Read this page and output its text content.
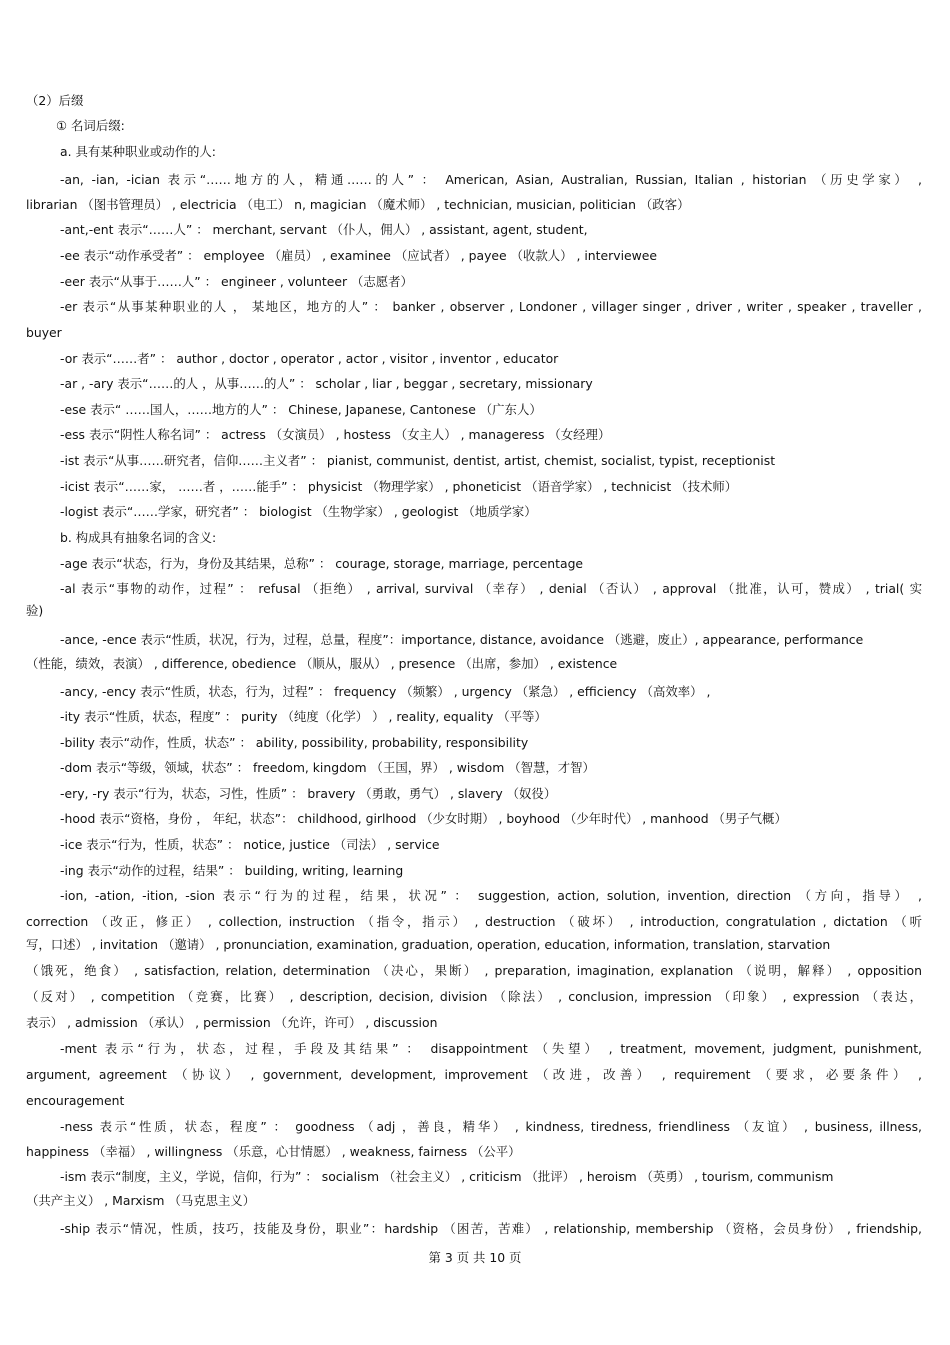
（2）后缀
① 名词后缀:
a. 具有某种职业或动作的人:
-an, -ian, -ician 表示“……地方的人，精通……的人” ： American, Asian, Australian, Russian, Italian , historian （历史学家） ,
librarian （图书管理员） , electricia （电工） n, magician （魔术师） , technician, musician, politician （政客）
-ant,-ent 表示“……人” ： merchant, servant （仆人，佣人） , assistant, agent, student,
-ee 表示“动作承受者” ： employee （雇员） , examinee （应试者） , payee （收款人） , interviewee
-eer 表示“从事于……人” ： engineer , volunteer （志愿者）
-er 表示“从事某种职业的人 ， 某地区，地方的人” ： banker , observer , Londoner , villager singer , driver , writer , speaker , traveller ,
buyer
-or 表示“……者” ： author , doctor , operator , actor , visitor , inventor , educator
-ar , -ary 表示“……的人 ，从事……的人” ： scholar , liar , beggar , secretary, missionary
-ese 表示“ ……国人，……地方的人” ： Chinese, Japanese, Cantonese （广东人）
-ess 表示“阴性人称名词” ： actress （女演员） , hostess （女主人） , manageress （女经理）
-ist 表示“从事……研究者，信仰……主义者” ： pianist, communist, dentist, artist, chemist, socialist, typist, receptionist
-icist 表示“……家， ……者 ，……能手” ： physicist （物理学家） , phoneticist （语音学家） , technicist （技术师）
-logist 表示“……学家，研究者” ： biologist （生物学家） , geologist （地质学家）
b. 构成具有抽象名词的含义:
-age 表示“状态，行为，身份及其结果，总称” ： courage, storage, marriage, percentage
-al 表示“事物的动作，过程” ： refusal （拒绝） , arrival, survival （幸存） , denial （否认） , approval （批准，认可，赞成） , trial( 实
验)
-ance, -ence 表示“性质，状况，行为，过程，总量，程度”：importance, distance, avoidance （逃避，废止）, appearance, performance
（性能，绩效，表演） , difference, obedience （顺从，服从） , presence （出席，参加） , existence
-ancy, -ency 表示“性质，状态，行为，过程” ： frequency （频繁） , urgency （紧急） , efficiency （高效率） ,
-ity 表示“性质，状态，程度” ： purity （纯度（化学） ） , reality, equality （平等）
-bility 表示“动作，性质，状态” ： ability, possibility, probability, responsibility
-dom 表示“等级，领域，状态” ： freedom, kingdom （王国，界） , wisdom （智慧，才智）
-ery, -ry 表示“行为，状态，习性，性质” ： bravery （勇敢，勇气） , slavery （奴役）
-hood 表示“资格，身份 ， 年纪，状态”： childhood, girlhood （少女时期） , boyhood （少年时代） , manhood （男子气概）
-ice 表示“行为，性质，状态” ： notice, justice （司法） , service
-ing 表示“动作的过程，结果” ： building, writing, learning
-ion, -ation, -ition, -sion 表示“行为的过程，结果，状况” ： suggestion, action, solution, invention, direction （方向，指导） ,
correction （改正，修正） , collection, instruction （指令，指示） , destruction （破坏） , introduction, congratulation , dictation （听
写，口述） , invitation （邀请） , pronunciation, examination, graduation, operation, education, information, translation, starvation
（饿死，绝食） , satisfaction, relation, determination （决心，果断） , preparation, imagination, explanation （说明，解释） , opposition
（反对） , competition （竞赛，比赛） , description, decision, division （除法） , conclusion, impression （印象） , expression （表达，
表示） , admission （承认） , permission （允许，许可） , discussion
-ment 表示“行为，状态，过程，手段及其结果” ： disappointment （失望） , treatment, movement, judgment, punishment,
argument, agreement （协议） , government, development, improvement （改进，改善） , requirement （要求，必要条件） ,
encouragement
-ness 表示“性质，状态，程度” ： goodness （adj ，善良，精华） , kindness, tiredness, friendliness （友谊） , business, illness,
happiness （幸福） , willingness （乐意，心甘情愿） , weakness, fairness （公平）
-ism 表示“制度，主义，学说，信仰，行为” ： socialism （社会主义） , criticism （批评） , heroism （英勇） , tourism, communism
（共产主义） , Marxism （马克思主义）
-ship 表示“情况，性质，技巧，技能及身份，职业”：hardship （困苦，苦难） , relationship, membership （资格，会员身份） , friendship,
第 3 页 共 10 页
